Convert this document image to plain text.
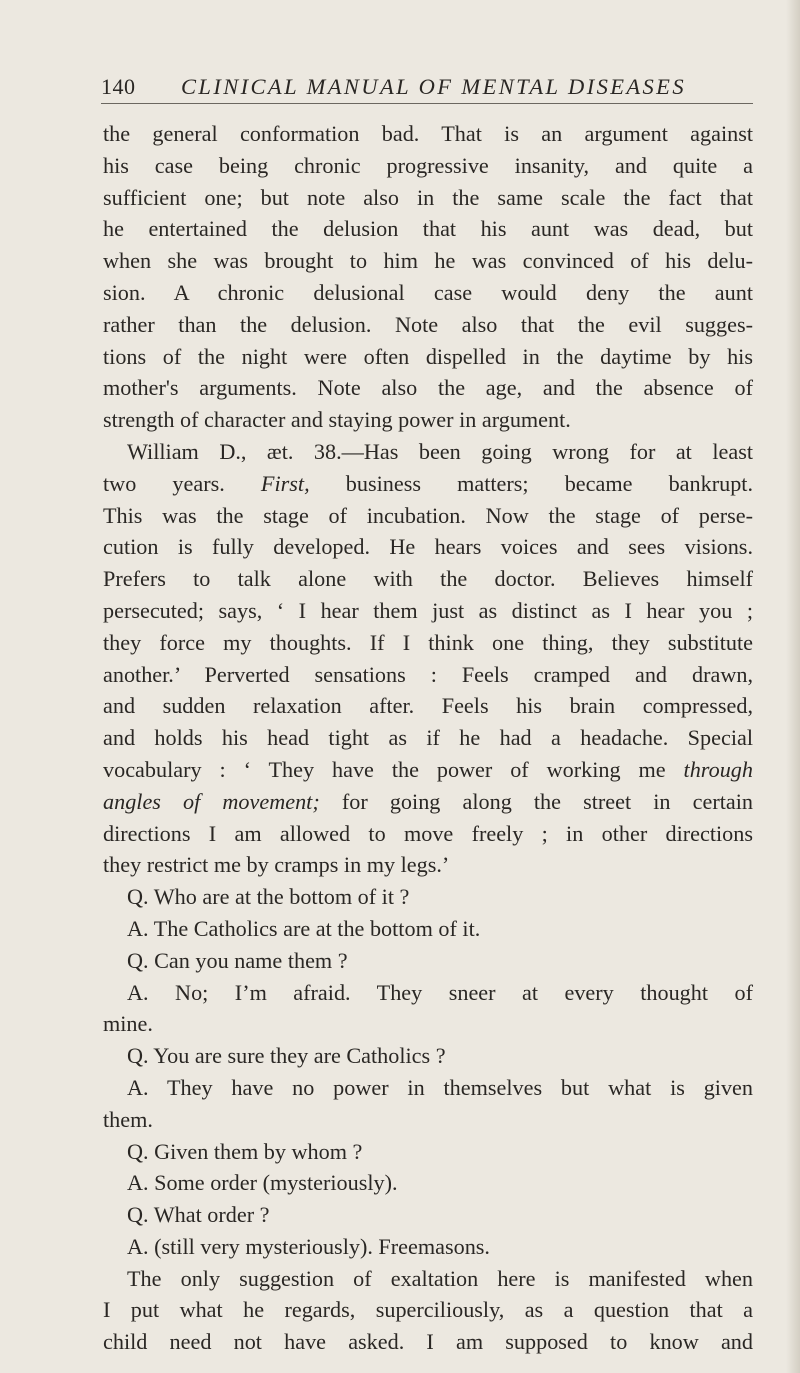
140 CLINICAL MANUAL OF MENTAL DISEASES
the general conformation bad. That is an argument against
his case being chronic progressive insanity, and quite a
sufficient one; but note also in the same scale the fact that
he entertained the delusion that his aunt was dead, but
when she was brought to him he was convinced of his delu-
sion. A chronic delusional case would deny the aunt
rather than the delusion. Note also that the evil sugges-
tions of the night were often dispelled in the daytime by his
mother's arguments. Note also the age, and the absence of
strength of character and staying power in argument.
William D., æt. 38.—Has been going wrong for at least
two years. First, business matters; became bankrupt.
This was the stage of incubation. Now the stage of perse-
cution is fully developed. He hears voices and sees visions.
Prefers to talk alone with the doctor. Believes himself
persecuted; says, ‘ I hear them just as distinct as I hear you ;
they force my thoughts. If I think one thing, they substitute
another.’ Perverted sensations : Feels cramped and drawn,
and sudden relaxation after. Feels his brain compressed,
and holds his head tight as if he had a headache. Special
vocabulary : ‘ They have the power of working me through
angles of movement; for going along the street in certain
directions I am allowed to move freely ; in other directions
they restrict me by cramps in my legs.’
Q. Who are at the bottom of it ?
A. The Catholics are at the bottom of it.
Q. Can you name them ?
A. No; I’m afraid. They sneer at every thought of
mine.
Q. You are sure they are Catholics ?
A. They have no power in themselves but what is given
them.
Q. Given them by whom ?
A. Some order (mysteriously).
Q. What order ?
A. (still very mysteriously). Freemasons.
The only suggestion of exaltation here is manifested when
I put what he regards, superciliously, as a question that a
child need not have asked. I am supposed to know and
